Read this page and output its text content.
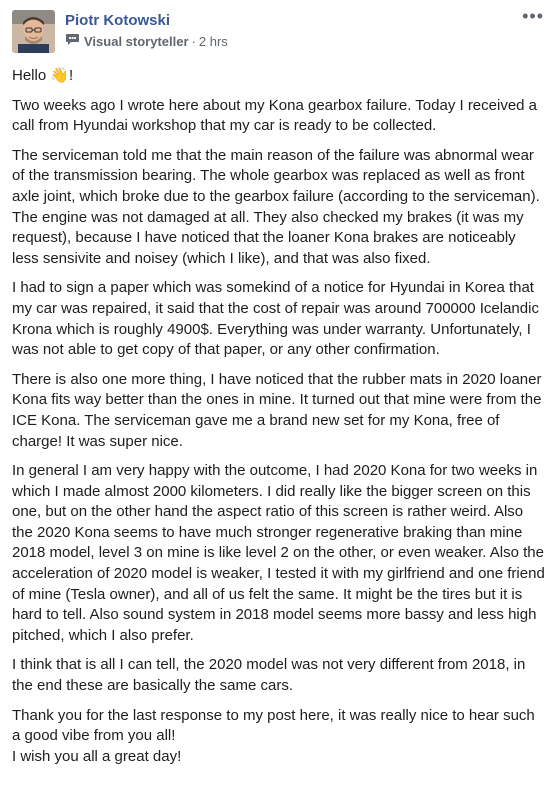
Piotr Kotowski
Visual storyteller · 2 hrs
•••

Hello 👋!

Two weeks ago I wrote here about my Kona gearbox failure. Today I received a call from Hyundai workshop that my car is ready to be collected.

The serviceman told me that the main reason of the failure was abnormal wear of the transmission bearing. The whole gearbox was replaced as well as front axle joint, which broke due to the gearbox failure (according to the serviceman). The engine was not damaged at all. They also checked my brakes (it was my request), because I have noticed that the loaner Kona brakes are noticeably less sensivite and noisey (which I like), and that was also fixed.

I had to sign a paper which was somekind of a notice for Hyundai in Korea that my car was repaired, it said that the cost of repair was around 700000 Icelandic Krona which is roughly 4900$. Everything was under warranty. Unfortunately, I was not able to get copy of that paper, or any other confirmation.

There is also one more thing, I have noticed that the rubber mats in 2020 loaner Kona fits way better than the ones in mine. It turned out that mine were from the ICE Kona. The serviceman gave me a brand new set for my Kona, free of charge! It was super nice.

In general I am very happy with the outcome, I had 2020 Kona for two weeks in which I made almost 2000 kilometers. I did really like the bigger screen on this one, but on the other hand the aspect ratio of this screen is rather weird. Also the 2020 Kona seems to have much stronger regenerative braking than mine 2018 model, level 3 on mine is like level 2 on the other, or even weaker. Also the acceleration of 2020 model is weaker, I tested it with my girlfriend and one friend of mine (Tesla owner), and all of us felt the same. It might be the tires but it is hard to tell. Also sound system in 2018 model seems more bassy and less high pitched, which I also prefer.

I think that is all I can tell, the 2020 model was not very different from 2018, in the end these are basically the same cars.

Thank you for the last response to my post here, it was really nice to hear such a good vibe from you all!

I wish you all a great day!
